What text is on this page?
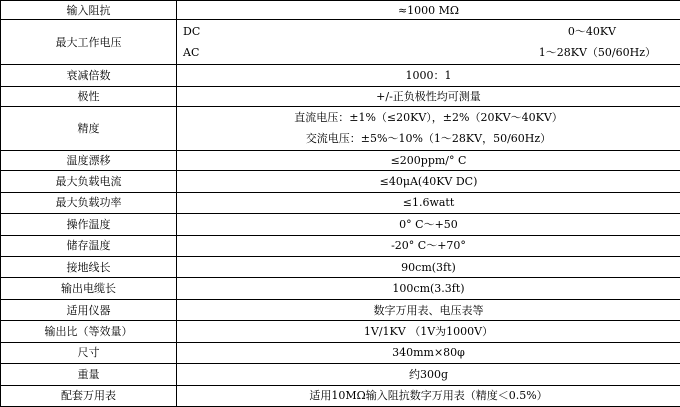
输入阻抗	≈1000 MΩ
最大工作电压	DC 0～40KV
AC 1～28KV（50/60Hz）

衰减倍数	1000：1
极性	+/-正负极性均可测量
精度	直流电压：±1%（≤20KV），±2%（20KV～40KV）
交流电压：±5%～10%（1～28KV，50/60Hz）

温度漂移	≤200ppm/° C
最大负载电流	≤40μA(40KV DC)
最大负载功率	≤1.6watt
操作温度	0° C～+50
储存温度	-20° C～+70°
接地线长	90cm(3ft)
输出电缆长	100cm(3.3ft)
适用仪器	数字万用表、电压表等
输出比（等效量）	1V/1KV （1V为1000V）
尺寸	340mm×80φ
重量	约300g
配套万用表	适用10MΩ输入阻抗数字万用表（精度＜0.5%）
